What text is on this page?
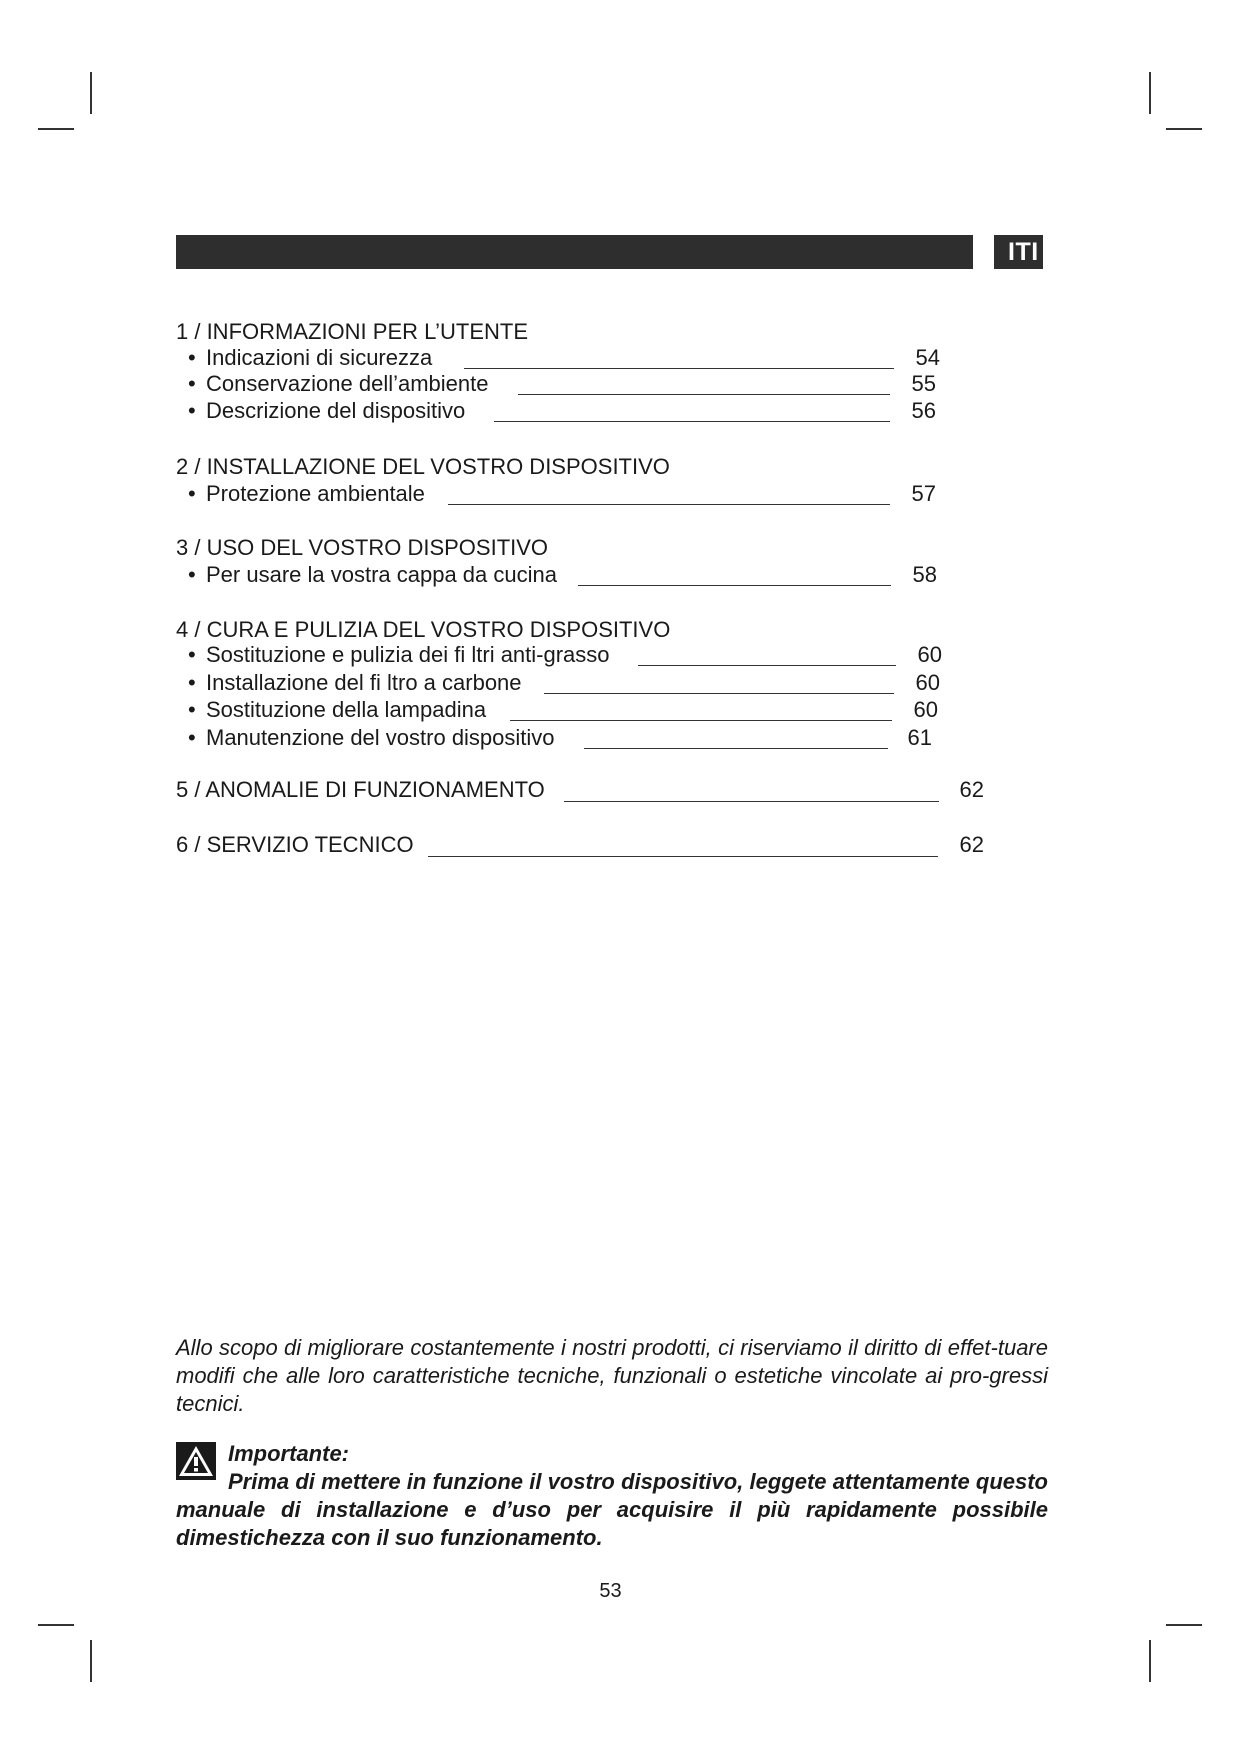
ITI
1 / INFORMAZIONI PER L’UTENTE
• Indicazioni di sicurezza	54
• Conservazione dell’ambiente	55
• Descrizione del dispositivo	56
2 / INSTALLAZIONE DEL VOSTRO DISPOSITIVO
• Protezione ambientale	57
3 / USO DEL VOSTRO DISPOSITIVO
• Per usare la vostra cappa da cucina	58
4 / CURA E PULIZIA DEL VOSTRO DISPOSITIVO
• Sostituzione e pulizia dei fi ltri anti-grasso	60
• Installazione del fi ltro a carbone	60
• Sostituzione della lampadina	60
• Manutenzione del vostro dispositivo	61
5 / ANOMALIE DI FUNZIONAMENTO	62
6 / SERVIZIO TECNICO	62
Allo scopo di migliorare costantemente i nostri prodotti, ci riserviamo il diritto di effet-tuare modifi che alle loro caratteristiche tecniche, funzionali o estetiche vincolate ai pro-gressi tecnici.
Importante:
Prima di mettere in funzione il vostro dispositivo, leggete attentamente questo manuale di installazione e d’uso per acquisire il più rapidamente possibile dimestichezza con il suo funzionamento.
53
